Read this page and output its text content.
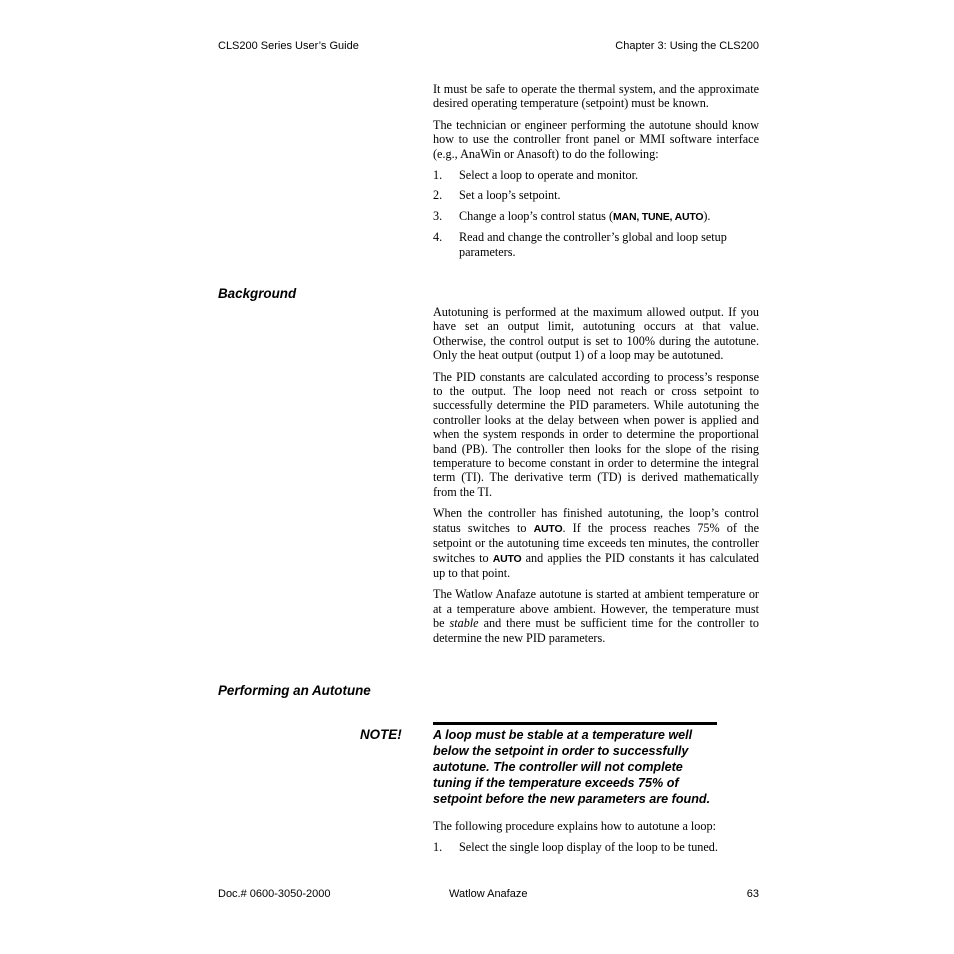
CLS200 Series User’s Guide	Chapter 3: Using the CLS200

It must be safe to operate the thermal system, and the approximate desired operating temperature (setpoint) must be known.

The technician or engineer performing the autotune should know how to use the controller front panel or MMI software interface (e.g., AnaWin or Anasoft) to do the following:

1. Select a loop to operate and monitor.
2. Set a loop’s setpoint.
3. Change a loop’s control status (MAN, TUNE, AUTO).
4. Read and change the controller’s global and loop setup parameters.
Background

Autotuning is performed at the maximum allowed output. If you have set an output limit, autotuning occurs at that value. Otherwise, the control output is set to 100% during the autotune. Only the heat output (output 1) of a loop may be autotuned.

The PID constants are calculated according to process’s response to the output. The loop need not reach or cross setpoint to successfully determine the PID parameters. While autotuning the controller looks at the delay between when power is applied and when the system responds in order to determine the proportional band (PB). The controller then looks for the slope of the rising temperature to become constant in order to determine the integral term (TI). The derivative term (TD) is derived mathematically from the TI.

When the controller has finished autotuning, the loop’s control status switches to AUTO. If the process reaches 75% of the setpoint or the autotuning time exceeds ten minutes, the controller switches to AUTO and applies the PID constants it has calculated up to that point.

The Watlow Anafaze autotune is started at ambient temperature or at a temperature above ambient. However, the temperature must be stable and there must be sufficient time for the controller to determine the new PID parameters.

Performing an Autotune
NOTE! A loop must be stable at a temperature well below the setpoint in order to successfully autotune. The controller will not complete tuning if the temperature exceeds 75% of setpoint before the new parameters are found.

The following procedure explains how to autotune a loop:

1. Select the single loop display of the loop to be tuned.
Doc.# 0600-3050-2000	Watlow Anafaze	63
